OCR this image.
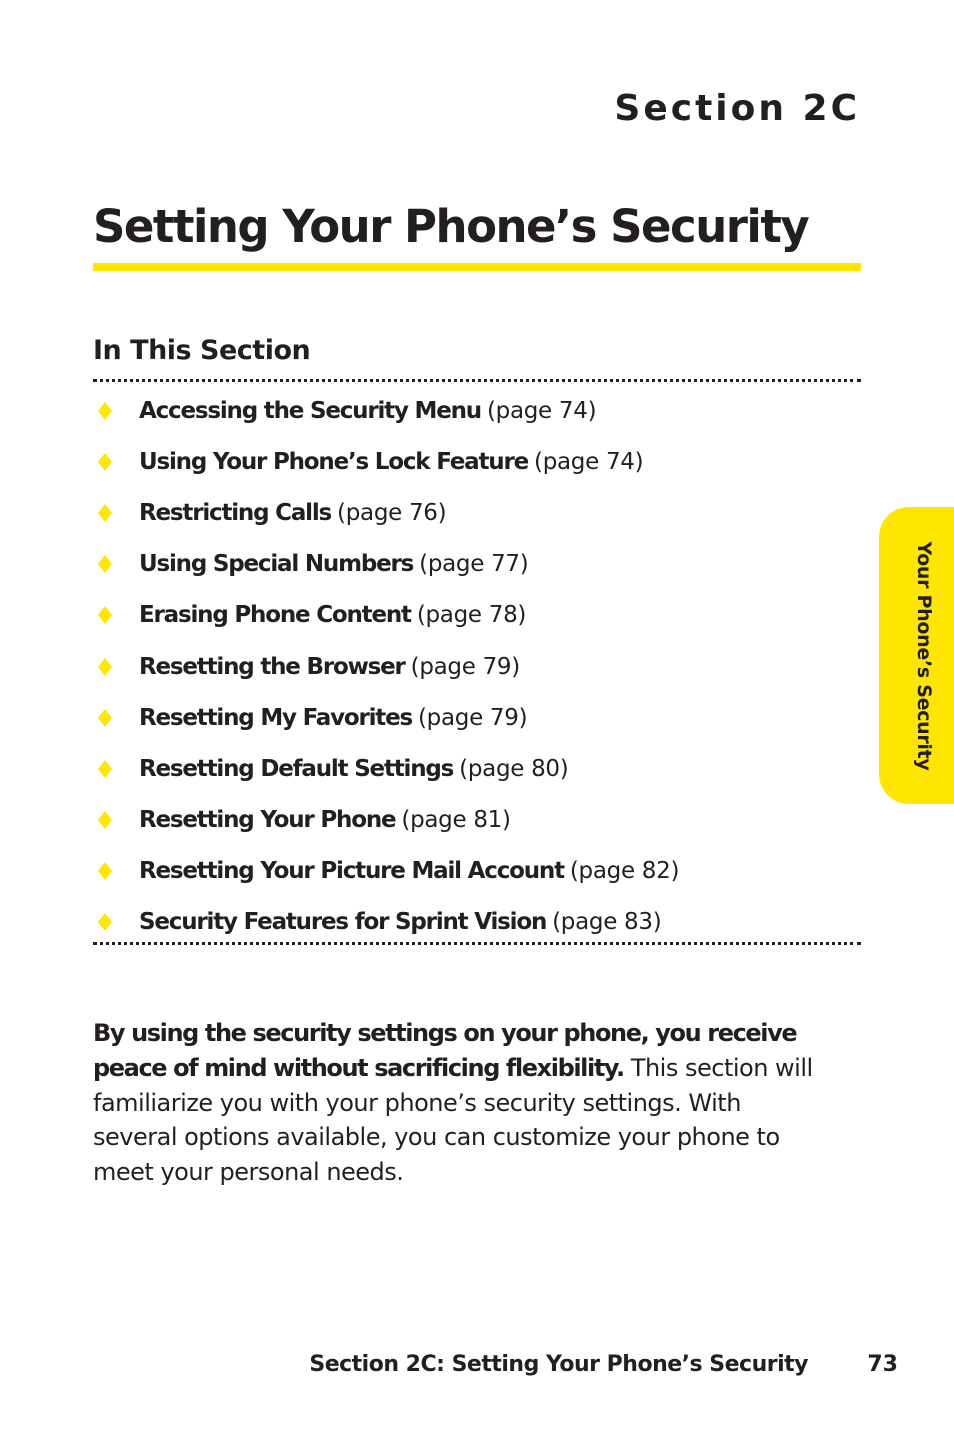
Section 2C
Setting Your Phone’s Security
In This Section
Accessing the Security Menu (page 74)
Using Your Phone’s Lock Feature (page 74)
Restricting Calls (page 76)
Using Special Numbers (page 77)
Erasing Phone Content (page 78)
Resetting the Browser (page 79)
Resetting My Favorites (page 79)
Resetting Default Settings (page 80)
Resetting Your Phone (page 81)
Resetting Your Picture Mail Account (page 82)
Security Features for Sprint Vision (page 83)

By using the security settings on your phone, you receive peace of mind without sacrificing flexibility. This section will familiarize you with your phone’s security settings. With several options available, you can customize your phone to meet your personal needs.

Your Phone’s Security
Section 2C: Setting Your Phone’s Security	73
